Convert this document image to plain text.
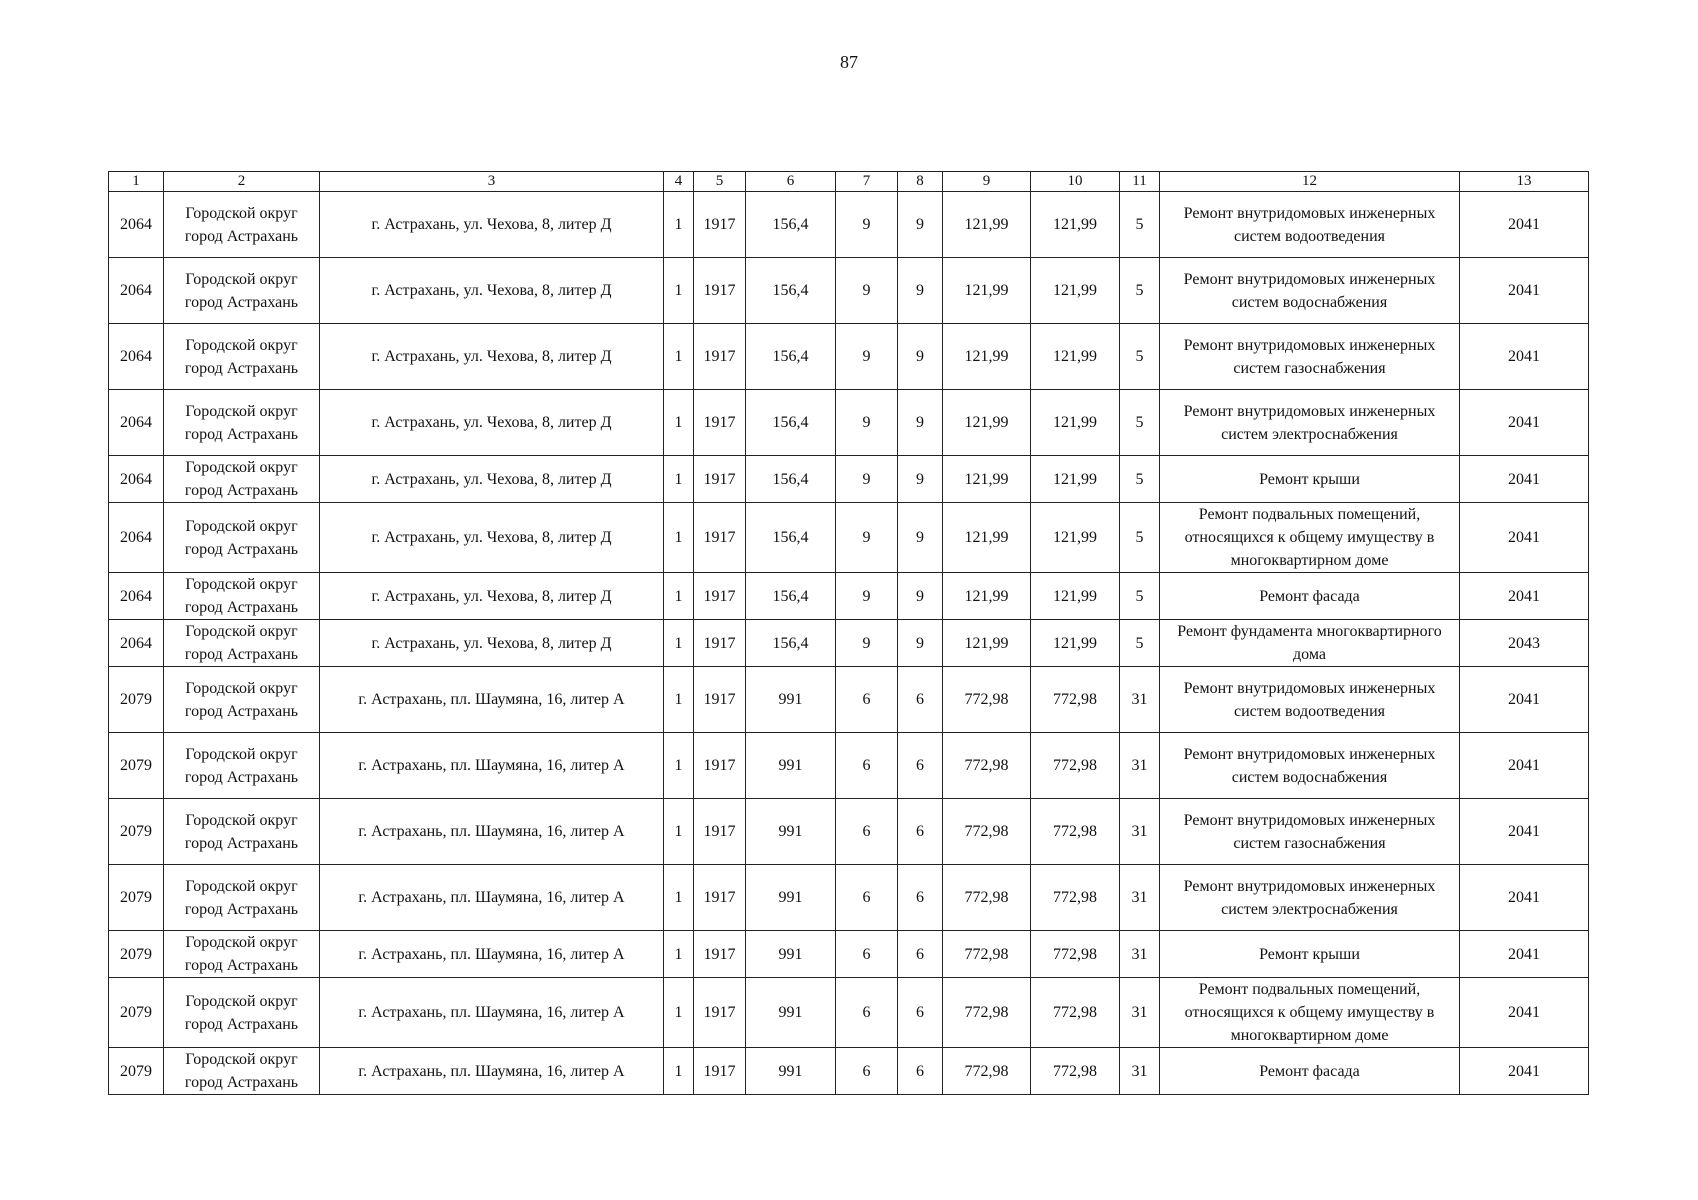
87
1	2	3	4	5	6	7	8	9	10	11	12	13
2064	Городской округ город Астрахань	г. Астрахань, ул. Чехова, 8, литер Д	1	1917	156,4	9	9	121,99	121,99	5	Ремонт внутридомовых инженерных систем водоотведения	2041
2064	Городской округ город Астрахань	г. Астрахань, ул. Чехова, 8, литер Д	1	1917	156,4	9	9	121,99	121,99	5	Ремонт внутридомовых инженерных систем водоснабжения	2041
2064	Городской округ город Астрахань	г. Астрахань, ул. Чехова, 8, литер Д	1	1917	156,4	9	9	121,99	121,99	5	Ремонт внутридомовых инженерных систем газоснабжения	2041
2064	Городской округ город Астрахань	г. Астрахань, ул. Чехова, 8, литер Д	1	1917	156,4	9	9	121,99	121,99	5	Ремонт внутридомовых инженерных систем электроснабжения	2041
2064	Городской округ город Астрахань	г. Астрахань, ул. Чехова, 8, литер Д	1	1917	156,4	9	9	121,99	121,99	5	Ремонт крыши	2041
2064	Городской округ город Астрахань	г. Астрахань, ул. Чехова, 8, литер Д	1	1917	156,4	9	9	121,99	121,99	5	Ремонт подвальных помещений, относящихся к общему имуществу в многоквартирном доме	2041
2064	Городской округ город Астрахань	г. Астрахань, ул. Чехова, 8, литер Д	1	1917	156,4	9	9	121,99	121,99	5	Ремонт фасада	2041
2064	Городской округ город Астрахань	г. Астрахань, ул. Чехова, 8, литер Д	1	1917	156,4	9	9	121,99	121,99	5	Ремонт фундамента многоквартирного дома	2043
2079	Городской округ город Астрахань	г. Астрахань, пл. Шаумяна, 16, литер А	1	1917	991	6	6	772,98	772,98	31	Ремонт внутридомовых инженерных систем водоотведения	2041
2079	Городской округ город Астрахань	г. Астрахань, пл. Шаумяна, 16, литер А	1	1917	991	6	6	772,98	772,98	31	Ремонт внутридомовых инженерных систем водоснабжения	2041
2079	Городской округ город Астрахань	г. Астрахань, пл. Шаумяна, 16, литер А	1	1917	991	6	6	772,98	772,98	31	Ремонт внутридомовых инженерных систем газоснабжения	2041
2079	Городской округ город Астрахань	г. Астрахань, пл. Шаумяна, 16, литер А	1	1917	991	6	6	772,98	772,98	31	Ремонт внутридомовых инженерных систем электроснабжения	2041
2079	Городской округ город Астрахань	г. Астрахань, пл. Шаумяна, 16, литер А	1	1917	991	6	6	772,98	772,98	31	Ремонт крыши	2041
2079	Городской округ город Астрахань	г. Астрахань, пл. Шаумяна, 16, литер А	1	1917	991	6	6	772,98	772,98	31	Ремонт подвальных помещений, относящихся к общему имуществу в многоквартирном доме	2041
2079	Городской округ город Астрахань	г. Астрахань, пл. Шаумяна, 16, литер А	1	1917	991	6	6	772,98	772,98	31	Ремонт фасада	2041
